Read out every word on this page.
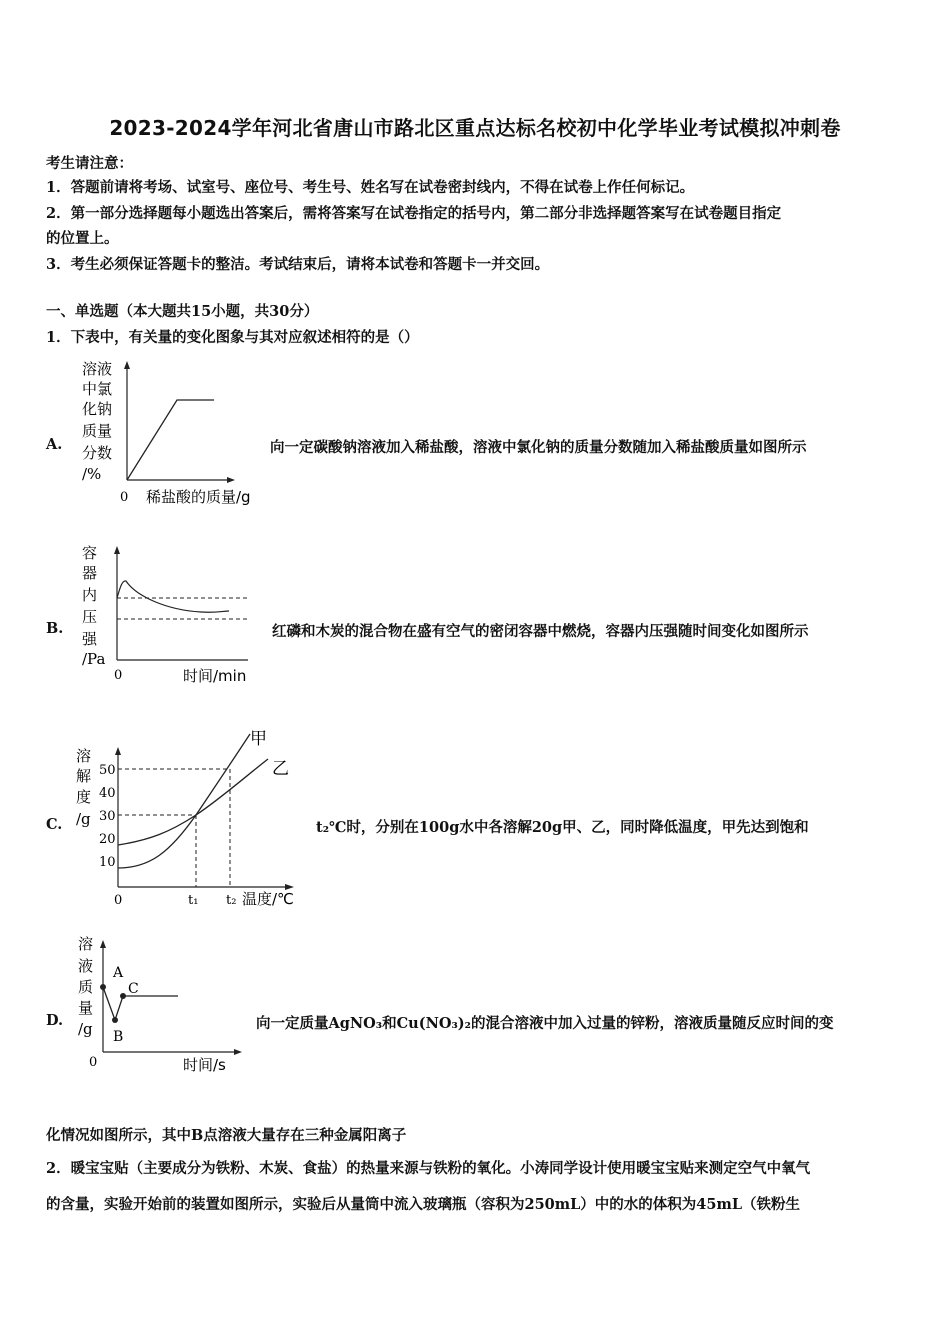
2023-2024学年河北省唐山市路北区重点达标名校初中化学毕业考试模拟冲刺卷
考生请注意：
1．答题前请将考场、试室号、座位号、考生号、姓名写在试卷密封线内，不得在试卷上作任何标记。
2．第一部分选择题每小题选出答案后，需将答案写在试卷指定的括号内，第二部分非选择题答案写在试卷题目指定
的位置上。
3．考生必须保证答题卡的整洁。考试结束后，请将本试卷和答题卡一并交回。
一、单选题（本大题共15小题，共30分）
1．下表中，有关量的变化图象与其对应叙述相符的是（）
A.	向一定碳酸钠溶液加入稀盐酸，溶液中氯化钠的质量分数随加入稀盐酸质量如图所示
溶液
中氯
化钠
质量
分数
/%
0 稀盐酸的质量/g
B.	红磷和木炭的混合物在盛有空气的密闭容器中燃烧，容器内压强随时间变化如图所示
容
器
内
压
强
/Pa
0	时间/min
C.	t₂℃时，分别在100g水中各溶解20g甲、乙，同时降低温度，甲先达到饱和
溶
解
度
/g
50
40
30
20
10
甲
乙
0	t₁ t₂ 温度/℃
D.	向一定质量AgNO₃和Cu(NO₃)₂的混合溶液中加入过量的锌粉，溶液质量随反应时间的变
溶
液
质
量
/g
A
B
C
0	时间/s
化情况如图所示，其中B点溶液大量存在三种金属阳离子
2．暖宝宝贴（主要成分为铁粉、木炭、食盐）的热量来源与铁粉的氧化。小涛同学设计使用暖宝宝贴来测定空气中氧气
的含量，实验开始前的装置如图所示，实验后从量筒中流入玻璃瓶（容积为250mL）中的水的体积为45mL（铁粉生
